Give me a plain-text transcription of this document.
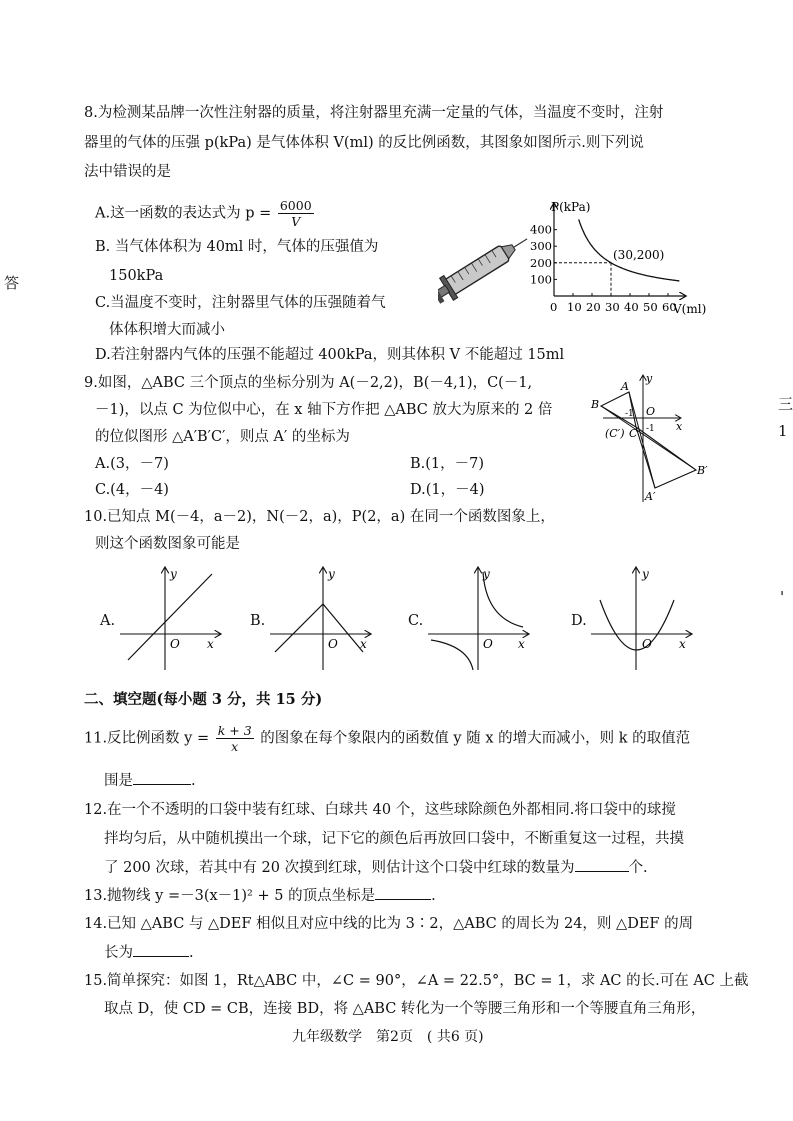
答
三
1
'
8.为检测某品牌一次性注射器的质量，将注射器里充满一定量的气体，当温度不变时，注射
器里的气体的压强 p(kPa) 是气体体积 V(ml) 的反比例函数，其图象如图所示.则下列说
法中错误的是
A.这一函数的表达式为 $p = \frac{6000}{V}$
B. 当气体体积为 40ml 时，气体的压强值为
150kPa
C.当温度不变时，注射器里气体的压强随着气
体体积增大而减小
D.若注射器内气体的压强不能超过 400kPa，则其体积 V 不能超过 15ml
0 10 20 30 40 50 60
400
300
200
100
P(kPa)
V(ml)
(30,200)
9.如图，△ABC 三个顶点的坐标分别为 A(－2,2)，B(－4,1)，C(－1,
－1)，以点 C 为位似中心，在 x 轴下方作把 △ABC 放大为原来的 2 倍
的位似图形 △A′B′C′，则点 A′ 的坐标为
A.(3，－7)	B.(1，－7)
C.(4，－4)	D.(1，－4)
A
B
C
(C′)
A′
B′
O
x
y
-1
-1
10.已知点 M(－4，a－2)，N(－2，a)，P(2，a) 在同一个函数图象上，
则这个函数图象可能是
A.
O x
y
B.
O x
y
C.
O x
y
D.
O x
y
二、填空题(每小题 3 分，共 15 分)
11.反比例函数 $y = \frac{k + 3}{x}$ 的图象在每个象限内的函数值 y 随 x 的增大而减小，则 k 的取值范
围是	.
12.在一个不透明的口袋中装有红球、白球共 40 个，这些球除颜色外都相同.将口袋中的球搅
拌均匀后，从中随机摸出一个球，记下它的颜色后再放回口袋中，不断重复这一过程，共摸
了 200 次球，若其中有 20 次摸到红球，则估计这个口袋中红球的数量为	个.
13.抛物线 y =－3(x－1)² + 5 的顶点坐标是	.
14.已知 △ABC 与 △DEF 相似且对应中线的比为 3∶2，△ABC 的周长为 24，则 △DEF 的周
长为	.
15.简单探究：如图 1，Rt△ABC 中，∠C = 90°，∠A = 22.5°，BC = 1，求 AC 的长.可在 AC 上截
取点 D，使 CD = CB，连接 BD，将 △ABC 转化为一个等腰三角形和一个等腰直角三角形，
九年级数学　第2页　( 共6 页)
